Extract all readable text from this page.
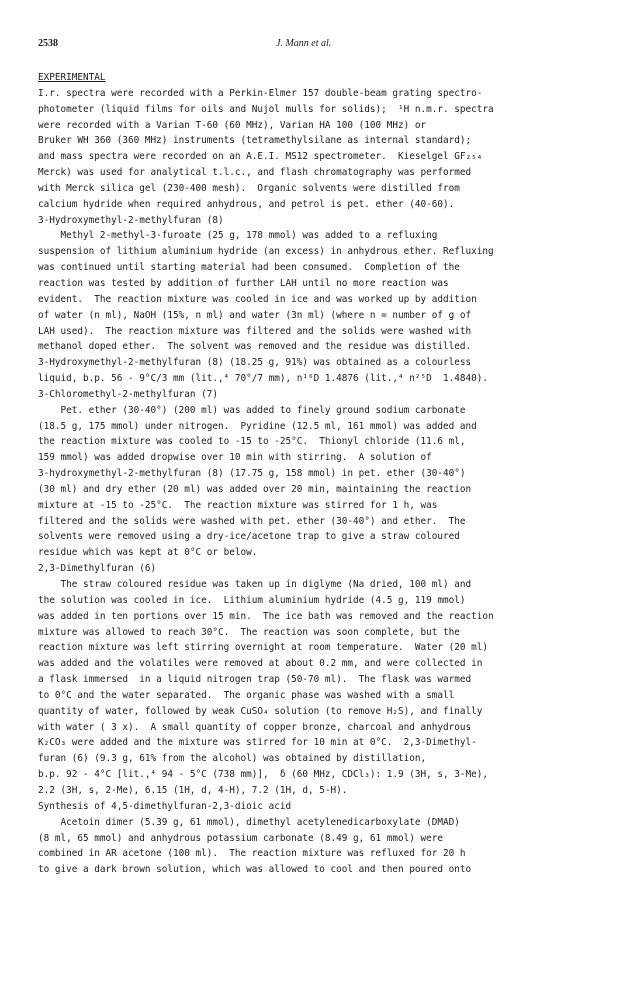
2538	J. Mann et al.
EXPERIMENTAL
I.r. spectra were recorded with a Perkin-Elmer 157 double-beam grating spectro-
photometer (liquid films for oils and Nujol mulls for solids);  ¹H n.m.r. spectra
were recorded with a Varian T-60 (60 MHz), Varian HA 100 (100 MHz) or
Bruker WH 360 (360 MHz) instruments (tetramethylsilane as internal standard);
and mass spectra were recorded on an A.E.I. MS12 spectrometer.  Kieselgel GF₂₅₄
Merck) was used for analytical t.l.c., and flash chromatography was performed
with Merck silica gel (230-400 mesh).  Organic solvents were distilled from
calcium hydride when required anhydrous, and petrol is pet. ether (40-60).
3-Hydroxymethyl-2-methylfuran (8)
Methyl 2-methyl-3-furoate (25 g, 178 mmol) was added to a refluxing
suspension of lithium aluminium hydride (an excess) in anhydrous ether. Refluxing
was continued until starting material had been consumed.  Completion of the
reaction was tested by addition of further LAH until no more reaction was
evident.  The reaction mixture was cooled in ice and was worked up by addition
of water (n ml), NaOH (15%, n ml) and water (3n ml) (where n = number of g of
LAH used).  The reaction mixture was filtered and the solids were washed with
methanol doped ether.  The solvent was removed and the residue was distilled.
3-Hydroxymethyl-2-methylfuran (8) (18.25 g, 91%) was obtained as a colourless
liquid, b.p. 56 - 9°C/3 mm (lit.,⁴ 70°/7 mm), n¹⁶D 1.4876 (lit.,⁴ n²⁵D  1.4840).
3-Chloromethyl-2-methylfuran (7)
Pet. ether (30-40°) (200 ml) was added to finely ground sodium carbonate
(18.5 g, 175 mmol) under nitrogen.  Pyridine (12.5 ml, 161 mmol) was added and
the reaction mixture was cooled to -15 to -25°C.  Thionyl chloride (11.6 ml,
159 mmol) was added dropwise over 10 min with stirring.  A solution of
3-hydroxymethyl-2-methylfuran (8) (17.75 g, 158 mmol) in pet. ether (30-40°)
(30 ml) and dry ether (20 ml) was added over 20 min, maintaining the reaction
mixture at -15 to -25°C.  The reaction mixture was stirred for 1 h, was
filtered and the solids were washed with pet. ether (30-40°) and ether.  The
solvents were removed using a dry-ice/acetone trap to give a straw coloured
residue which was kept at 0°C or below.
2,3-Dimethylfuran (6)
The straw coloured residue was taken up in diglyme (Na dried, 100 ml) and
the solution was cooled in ice.  Lithium aluminium hydride (4.5 g, 119 mmol)
was added in ten portions over 15 min.  The ice bath was removed and the reaction
mixture was allowed to reach 30°C.  The reaction was soon complete, but the
reaction mixture was left stirring overnight at room temperature.  Water (20 ml)
was added and the volatiles were removed at about 0.2 mm, and were collected in
a flask immersed  in a liquid nitrogen trap (50-70 ml).  The flask was warmed
to 0°C and the water separated.  The organic phase was washed with a small
quantity of water, followed by weak CuSO₄ solution (to remove H₂S), and finally
with water ( 3 x).  A small quantity of copper bronze, charcoal and anhydrous
K₂CO₃ were added and the mixture was stirred for 10 min at 0°C.  2,3-Dimethyl-
furan (6) (9.3 g, 61% from the alcohol) was obtained by distillation,
b.p. 92 - 4°C [lit.,⁴ 94 - 5°C (738 mm)],  δ (60 MHz, CDCl₃): 1.9 (3H, s, 3-Me),
2.2 (3H, s, 2-Me), 6.15 (1H, d, 4-H), 7.2 (1H, d, 5-H).
Synthesis of 4,5-dimethylfuran-2,3-dioic acid
Acetoin dimer (5.39 g, 61 mmol), dimethyl acetylenedicarboxylate (DMAD)
(8 ml, 65 mmol) and anhydrous potassium carbonate (8.49 g, 61 mmol) were
combined in AR acetone (100 ml).  The reaction mixture was refluxed for 20 h
to give a dark brown solution, which was allowed to cool and then poured onto
